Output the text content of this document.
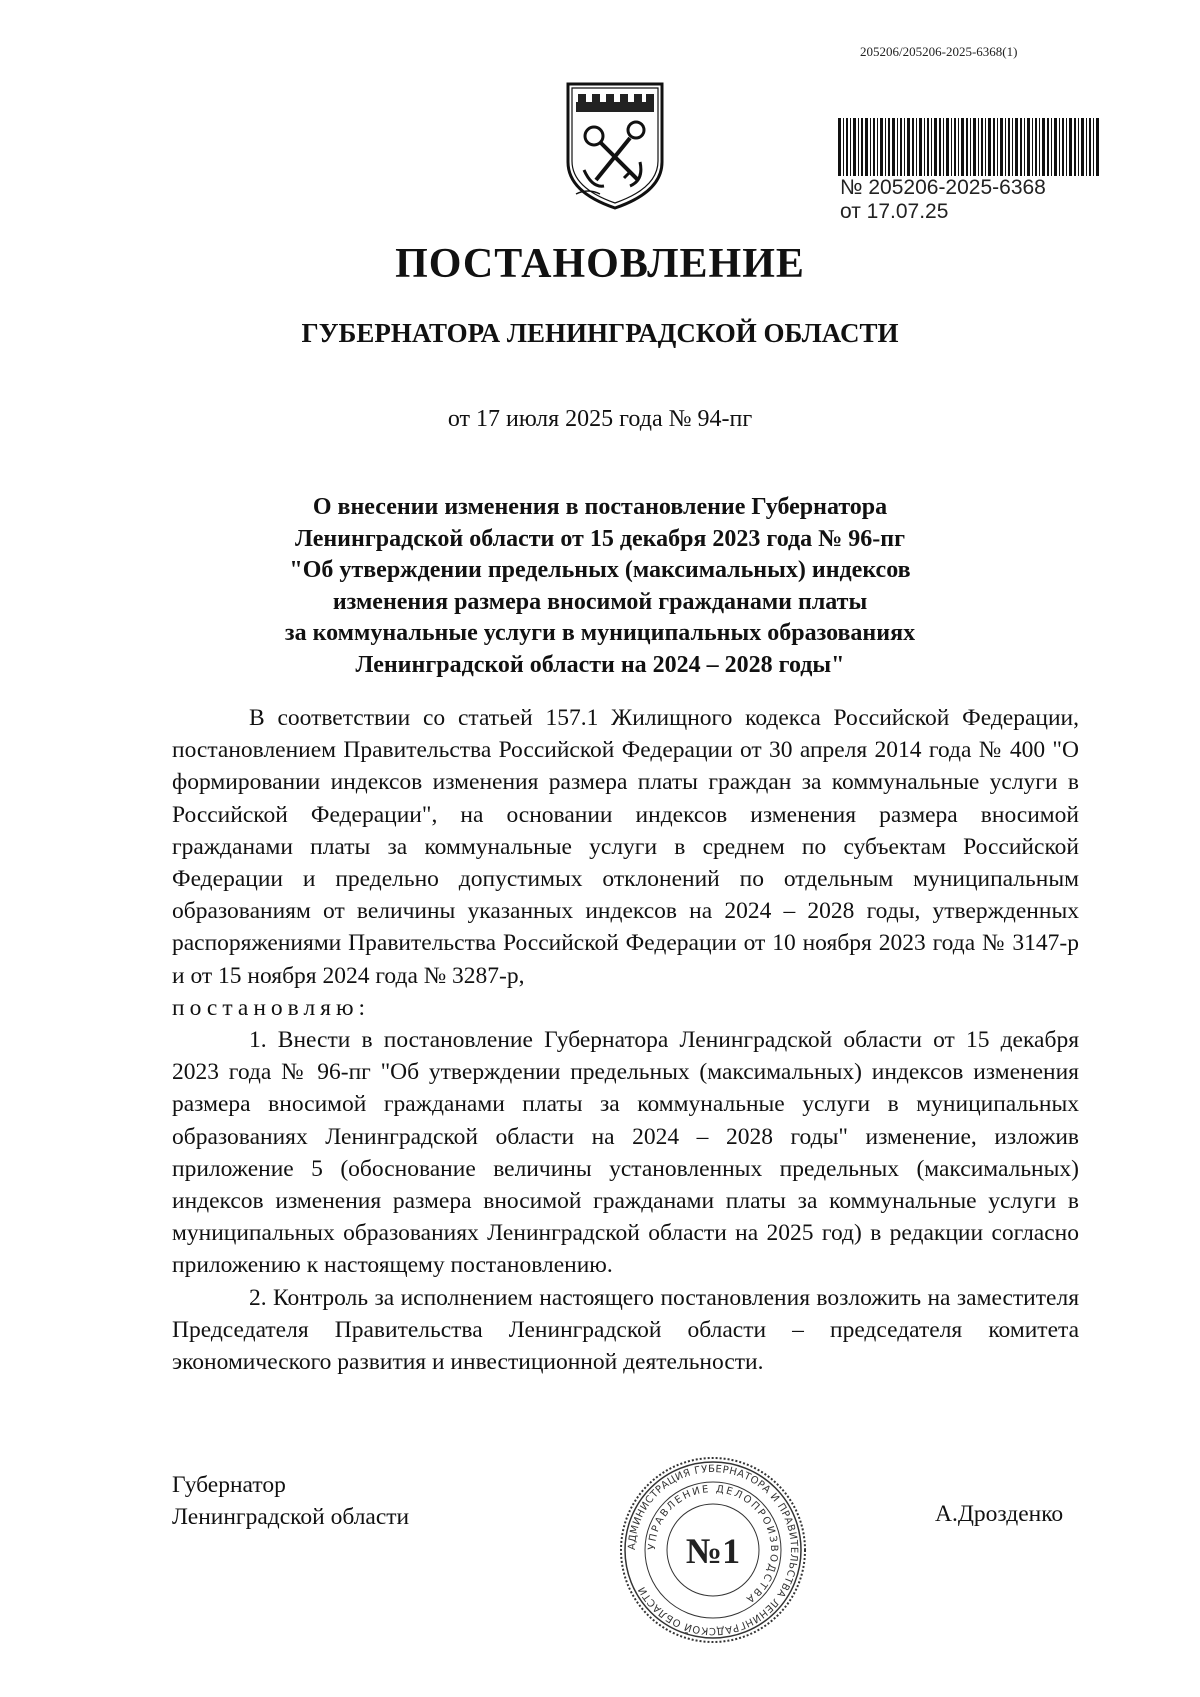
205206/205206-2025-6368(1)
№ 205206-2025-6368
от 17.07.25
ПОСТАНОВЛЕНИЕ
ГУБЕРНАТОРА ЛЕНИНГРАДСКОЙ ОБЛАСТИ
от 17 июля 2025 года № 94-пг
О внесении изменения в постановление Губернатора
Ленинградской области от 15 декабря 2023 года № 96-пг
"Об утверждении предельных (максимальных) индексов
изменения размера вносимой гражданами платы
за коммунальные услуги в муниципальных образованиях
Ленинградской области на 2024 – 2028 годы"

В соответствии со статьей 157.1 Жилищного кодекса Российской Федерации, постановлением Правительства Российской Федерации от 30 апреля 2014 года № 400 "О формировании индексов изменения размера платы граждан за коммунальные услуги в Российской Федерации", на основании индексов изменения размера вносимой гражданами платы за коммунальные услуги в среднем по субъектам Российской Федерации и предельно допустимых отклонений по отдельным муниципальным образованиям от величины указанных индексов на 2024 – 2028 годы, утвержденных распоряжениями Правительства Российской Федерации от 10 ноября 2023 года № 3147-р и от 15 ноября 2024 года № 3287-р,

постановляю:

1. Внести в постановление Губернатора Ленинградской области от 15 декабря 2023 года № 96-пг "Об утверждении предельных (максимальных) индексов изменения размера вносимой гражданами платы за коммунальные услуги в муниципальных образованиях Ленинградской области на 2024 – 2028 годы" изменение, изложив приложение 5 (обоснование величины установленных предельных (максимальных) индексов изменения размера вносимой гражданами платы за коммунальные услуги в муниципальных образованиях Ленинградской области на 2025 год) в редакции согласно приложению к настоящему постановлению.

2. Контроль за исполнением настоящего постановления возложить на заместителя Председателя Правительства Ленинградской области – председателя комитета экономического развития и инвестиционной деятельности.

Губернатор
Ленинградской области
АДМИНИСТРАЦИЯ ГУБЕРНАТОРА И ПРАВИТЕЛЬСТВА ЛЕНИНГРАДСКОЙ ОБЛАСТИ
УПРАВЛЕНИЕ ДЕЛОПРОИЗВОДСТВА
№1
А.Дрозденко
